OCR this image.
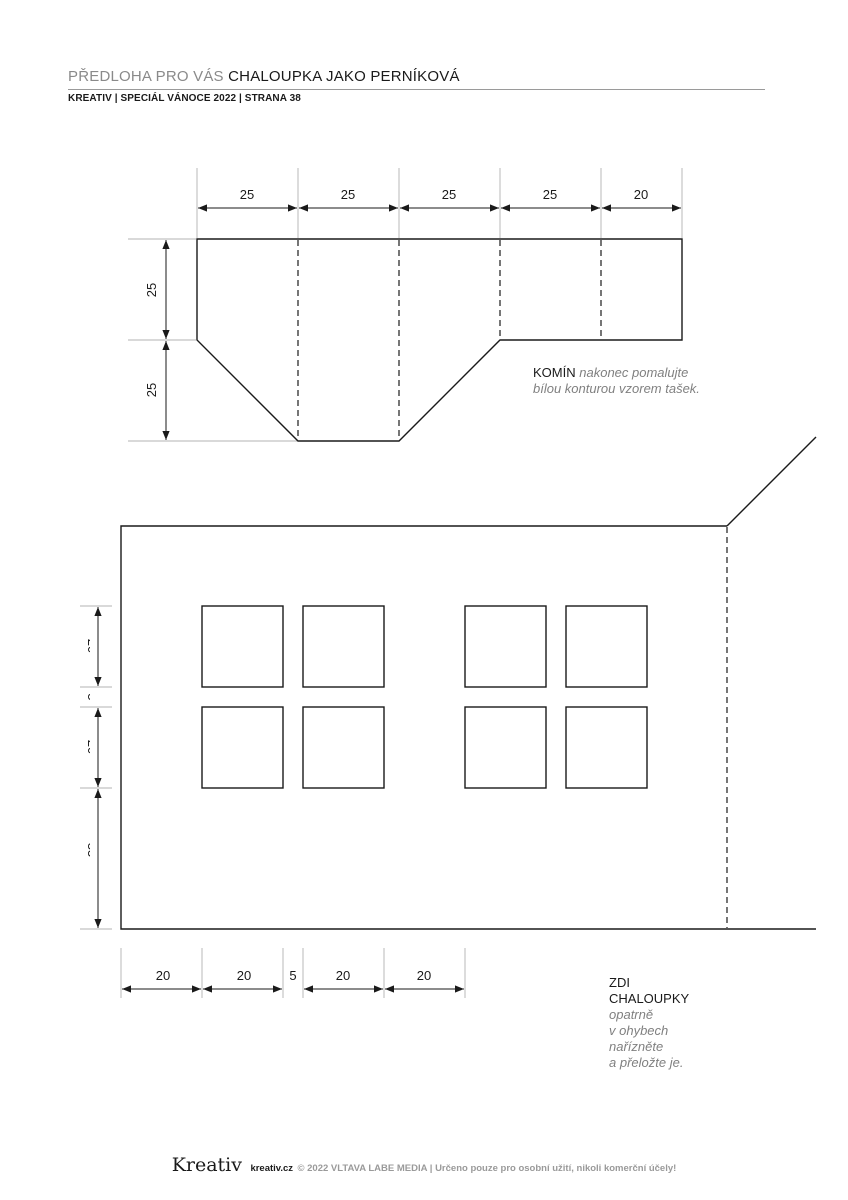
PŘEDLOHA PRO VÁS CHALOUPKA JAKO PERNÍKOVÁ
KREATIV | SPECIÁL VÁNOCE 2022 | STRANA 38
25	25	25	25	20
25
25
20
5
20
35
20	20	5	20	20
KOMÍN nakonec pomalujte
bílou konturou vzorem tašek.
ZDI
CHALOUPKY
opatrně
v ohybech
nařízněte
a přeložte je.
Kreativ kreativ.cz © 2022 VLTAVA LABE MEDIA | Určeno pouze pro osobní užití, nikoli komerční účely!
